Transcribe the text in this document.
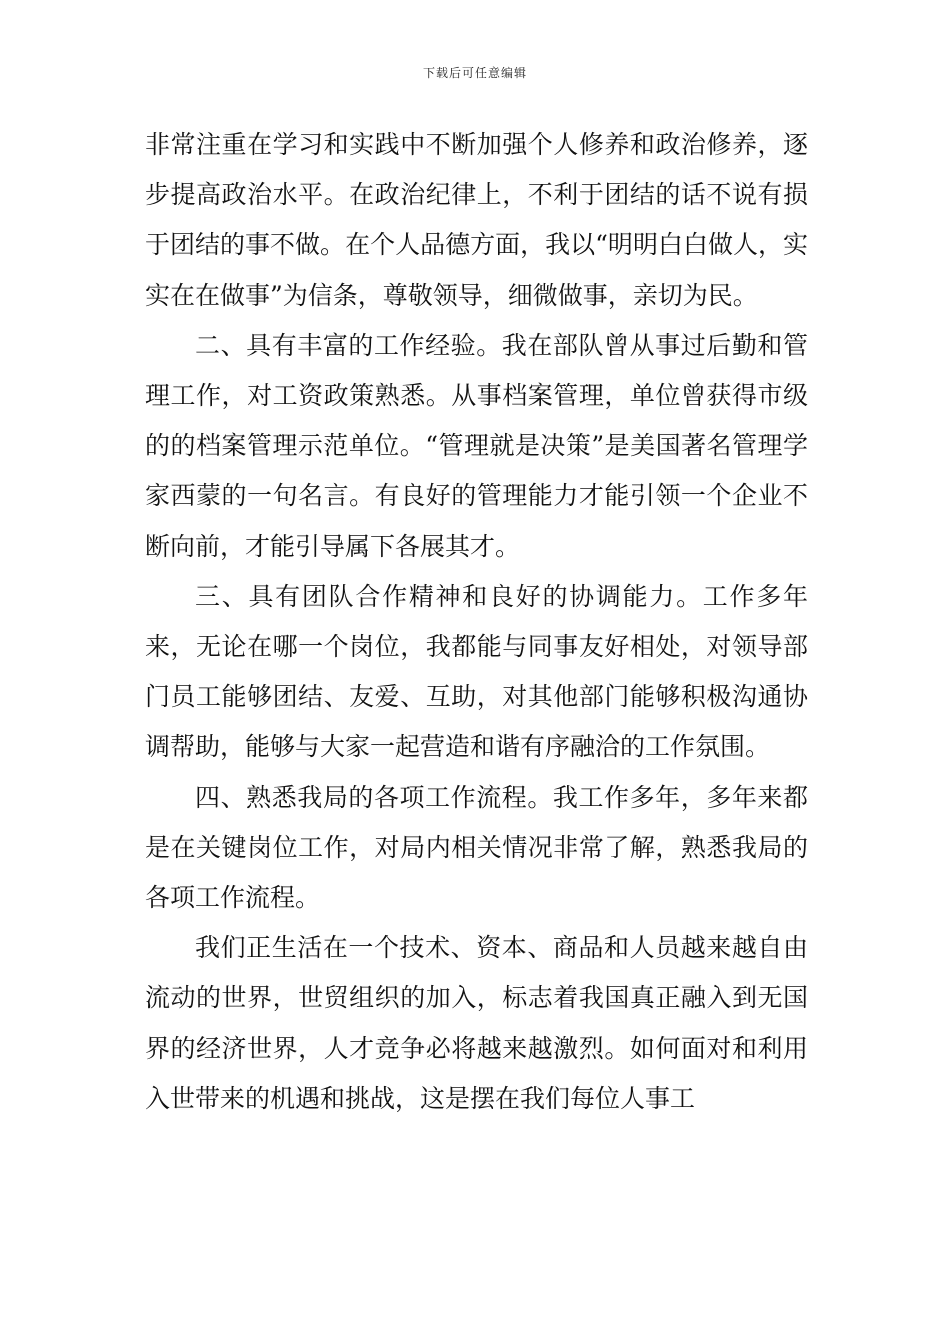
下载后可任意编辑

非常注重在学习和实践中不断加强个人修养和政治修养，逐步提高政治水平。在政治纪律上，不利于团结的话不说有损于团结的事不做。在个人品德方面，我以“明明白白做人，实实在在做事”为信条，尊敬领导，细微做事，亲切为民。

二、具有丰富的工作经验。我在部队曾从事过后勤和管理工作，对工资政策熟悉。从事档案管理，单位曾获得市级的的档案管理示范单位。“管理就是决策”是美国著名管理学家西蒙的一句名言。有良好的管理能力才能引领一个企业不断向前，才能引导属下各展其才。

三、具有团队合作精神和良好的协调能力。工作多年来，无论在哪一个岗位，我都能与同事友好相处，对领导部门员工能够团结、友爱、互助，对其他部门能够积极沟通协调帮助，能够与大家一起营造和谐有序融洽的工作氛围。

四、熟悉我局的各项工作流程。我工作多年，多年来都是在关键岗位工作，对局内相关情况非常了解，熟悉我局的各项工作流程。

我们正生活在一个技术、资本、商品和人员越来越自由流动的世界，世贸组织的加入，标志着我国真正融入到无国界的经济世界，人才竞争必将越来越激烈。如何面对和利用入世带来的机遇和挑战，这是摆在我们每位人事工
